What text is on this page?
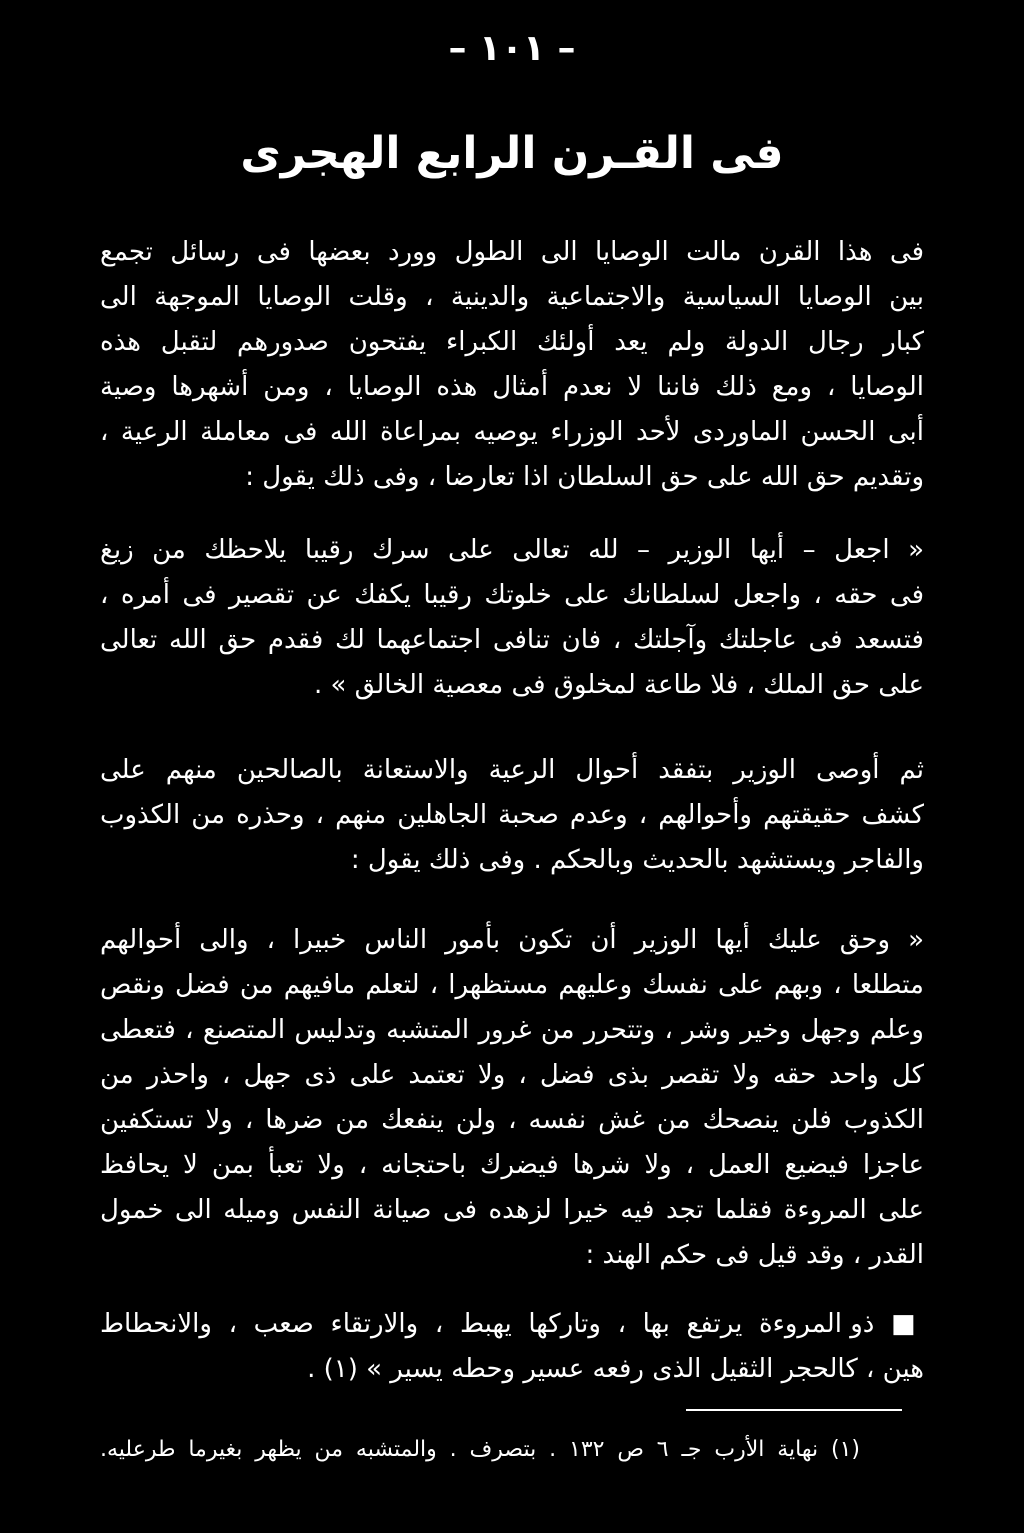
– ١٠١ –
فى القـرن الرابع الهجرى
فى هذا القرن مالت الوصايا الى الطول وورد بعضها فى رسائل تجمع
بين الوصايا السياسية والاجتماعية والدينية ، وقلت الوصايا الموجهة الى
كبار رجال الدولة ولم يعد أولئك الكبراء يفتحون صدورهم لتقبل هذه
الوصايا ، ومع ذلك فاننا لا نعدم أمثال هذه الوصايا ، ومن أشهرها وصية
أبى الحسن الماوردى لأحد الوزراء يوصيه بمراعاة الله فى معاملة الرعية ،
وتقديم حق الله على حق السلطان اذا تعارضا ، وفى ذلك يقول :
« اجعل – أيها الوزير – لله تعالى على سرك رقيبا يلاحظك من زيغ
فى حقه ، واجعل لسلطانك على خلوتك رقيبا يكفك عن تقصير فى أمره ،
فتسعد فى عاجلتك وآجلتك ، فان تنافى اجتماعهما لك فقدم حق الله تعالى
على حق الملك ، فلا طاعة لمخلوق فى معصية الخالق » .
ثم أوصى الوزير بتفقد أحوال الرعية والاستعانة بالصالحين منهم على
كشف حقيقتهم وأحوالهم ، وعدم صحبة الجاهلين منهم ، وحذره من الكذوب
والفاجر ويستشهد بالحديث وبالحكم . وفى ذلك يقول :
« وحق عليك أيها الوزير أن تكون بأمور الناس خبيرا ، والى أحوالهم
متطلعا ، وبهم على نفسك وعليهم مستظهرا ، لتعلم مافيهم من فضل ونقص
وعلم وجهل وخير وشر ، وتتحرر من غرور المتشبه وتدليس المتصنع ، فتعطى
كل واحد حقه ولا تقصر بذى فضل ، ولا تعتمد على ذى جهل ، واحذر من
الكذوب فلن ينصحك من غش نفسه ، ولن ينفعك من ضرها ، ولا تستكفين
عاجزا فيضيع العمل ، ولا شرها فيضرك باحتجانه ، ولا تعبأ بمن لا يحافظ
على المروءة فقلما تجد فيه خيرا لزهده فى صيانة النفس وميله الى خمول
القدر ، وقد قيل فى حكم الهند :
■ ذو المروءة يرتفع بها ، وتاركها يهبط ، والارتقاء صعب ، والانحطاط
هين ، كالحجر الثقيل الذى رفعه عسير وحطه يسير » (١) .
(١) نهاية الأرب جـ ٦ ص ١٣٢ . بتصرف . والمتشبه من يظهر بغيرما طرعليه.
